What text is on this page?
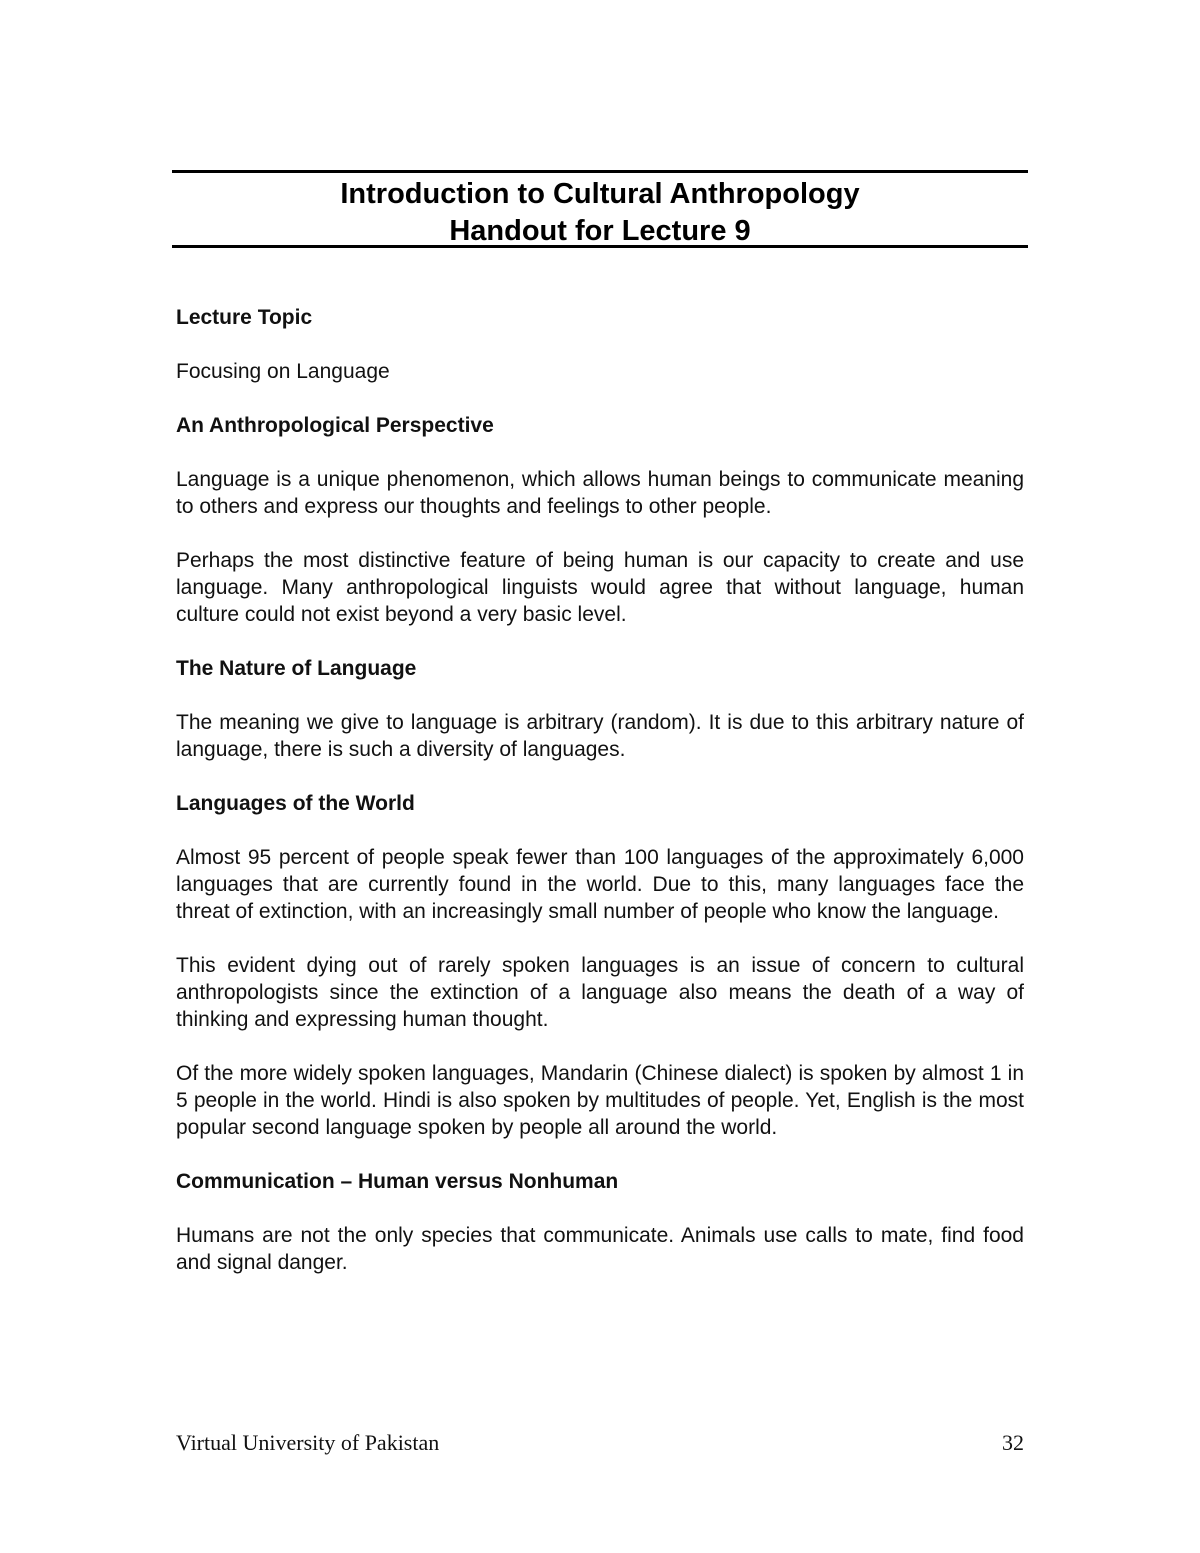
Introduction to Cultural Anthropology
Handout for Lecture 9
Lecture Topic
Focusing on Language
An Anthropological Perspective
Language is a unique phenomenon, which allows human beings to communicate meaning to others and express our thoughts and feelings to other people.
Perhaps the most distinctive feature of being human is our capacity to create and use language. Many anthropological linguists would agree that without language, human culture could not exist beyond a very basic level.
The Nature of Language
The meaning we give to language is arbitrary (random). It is due to this arbitrary nature of language, there is such a diversity of languages.
Languages of the World
Almost 95 percent of people speak fewer than 100 languages of the approximately 6,000 languages that are currently found in the world. Due to this, many languages face the threat of extinction, with an increasingly small number of people who know the language.
This evident dying out of rarely spoken languages is an issue of concern to cultural anthropologists since the extinction of a language also means the death of a way of thinking and expressing human thought.
Of the more widely spoken languages, Mandarin (Chinese dialect) is spoken by almost 1 in 5 people in the world. Hindi is also spoken by multitudes of people. Yet, English is the most popular second language spoken by people all around the world.
Communication – Human versus Nonhuman
Humans are not the only species that communicate. Animals use calls to mate, find food and signal danger.
Virtual University of Pakistan	32
